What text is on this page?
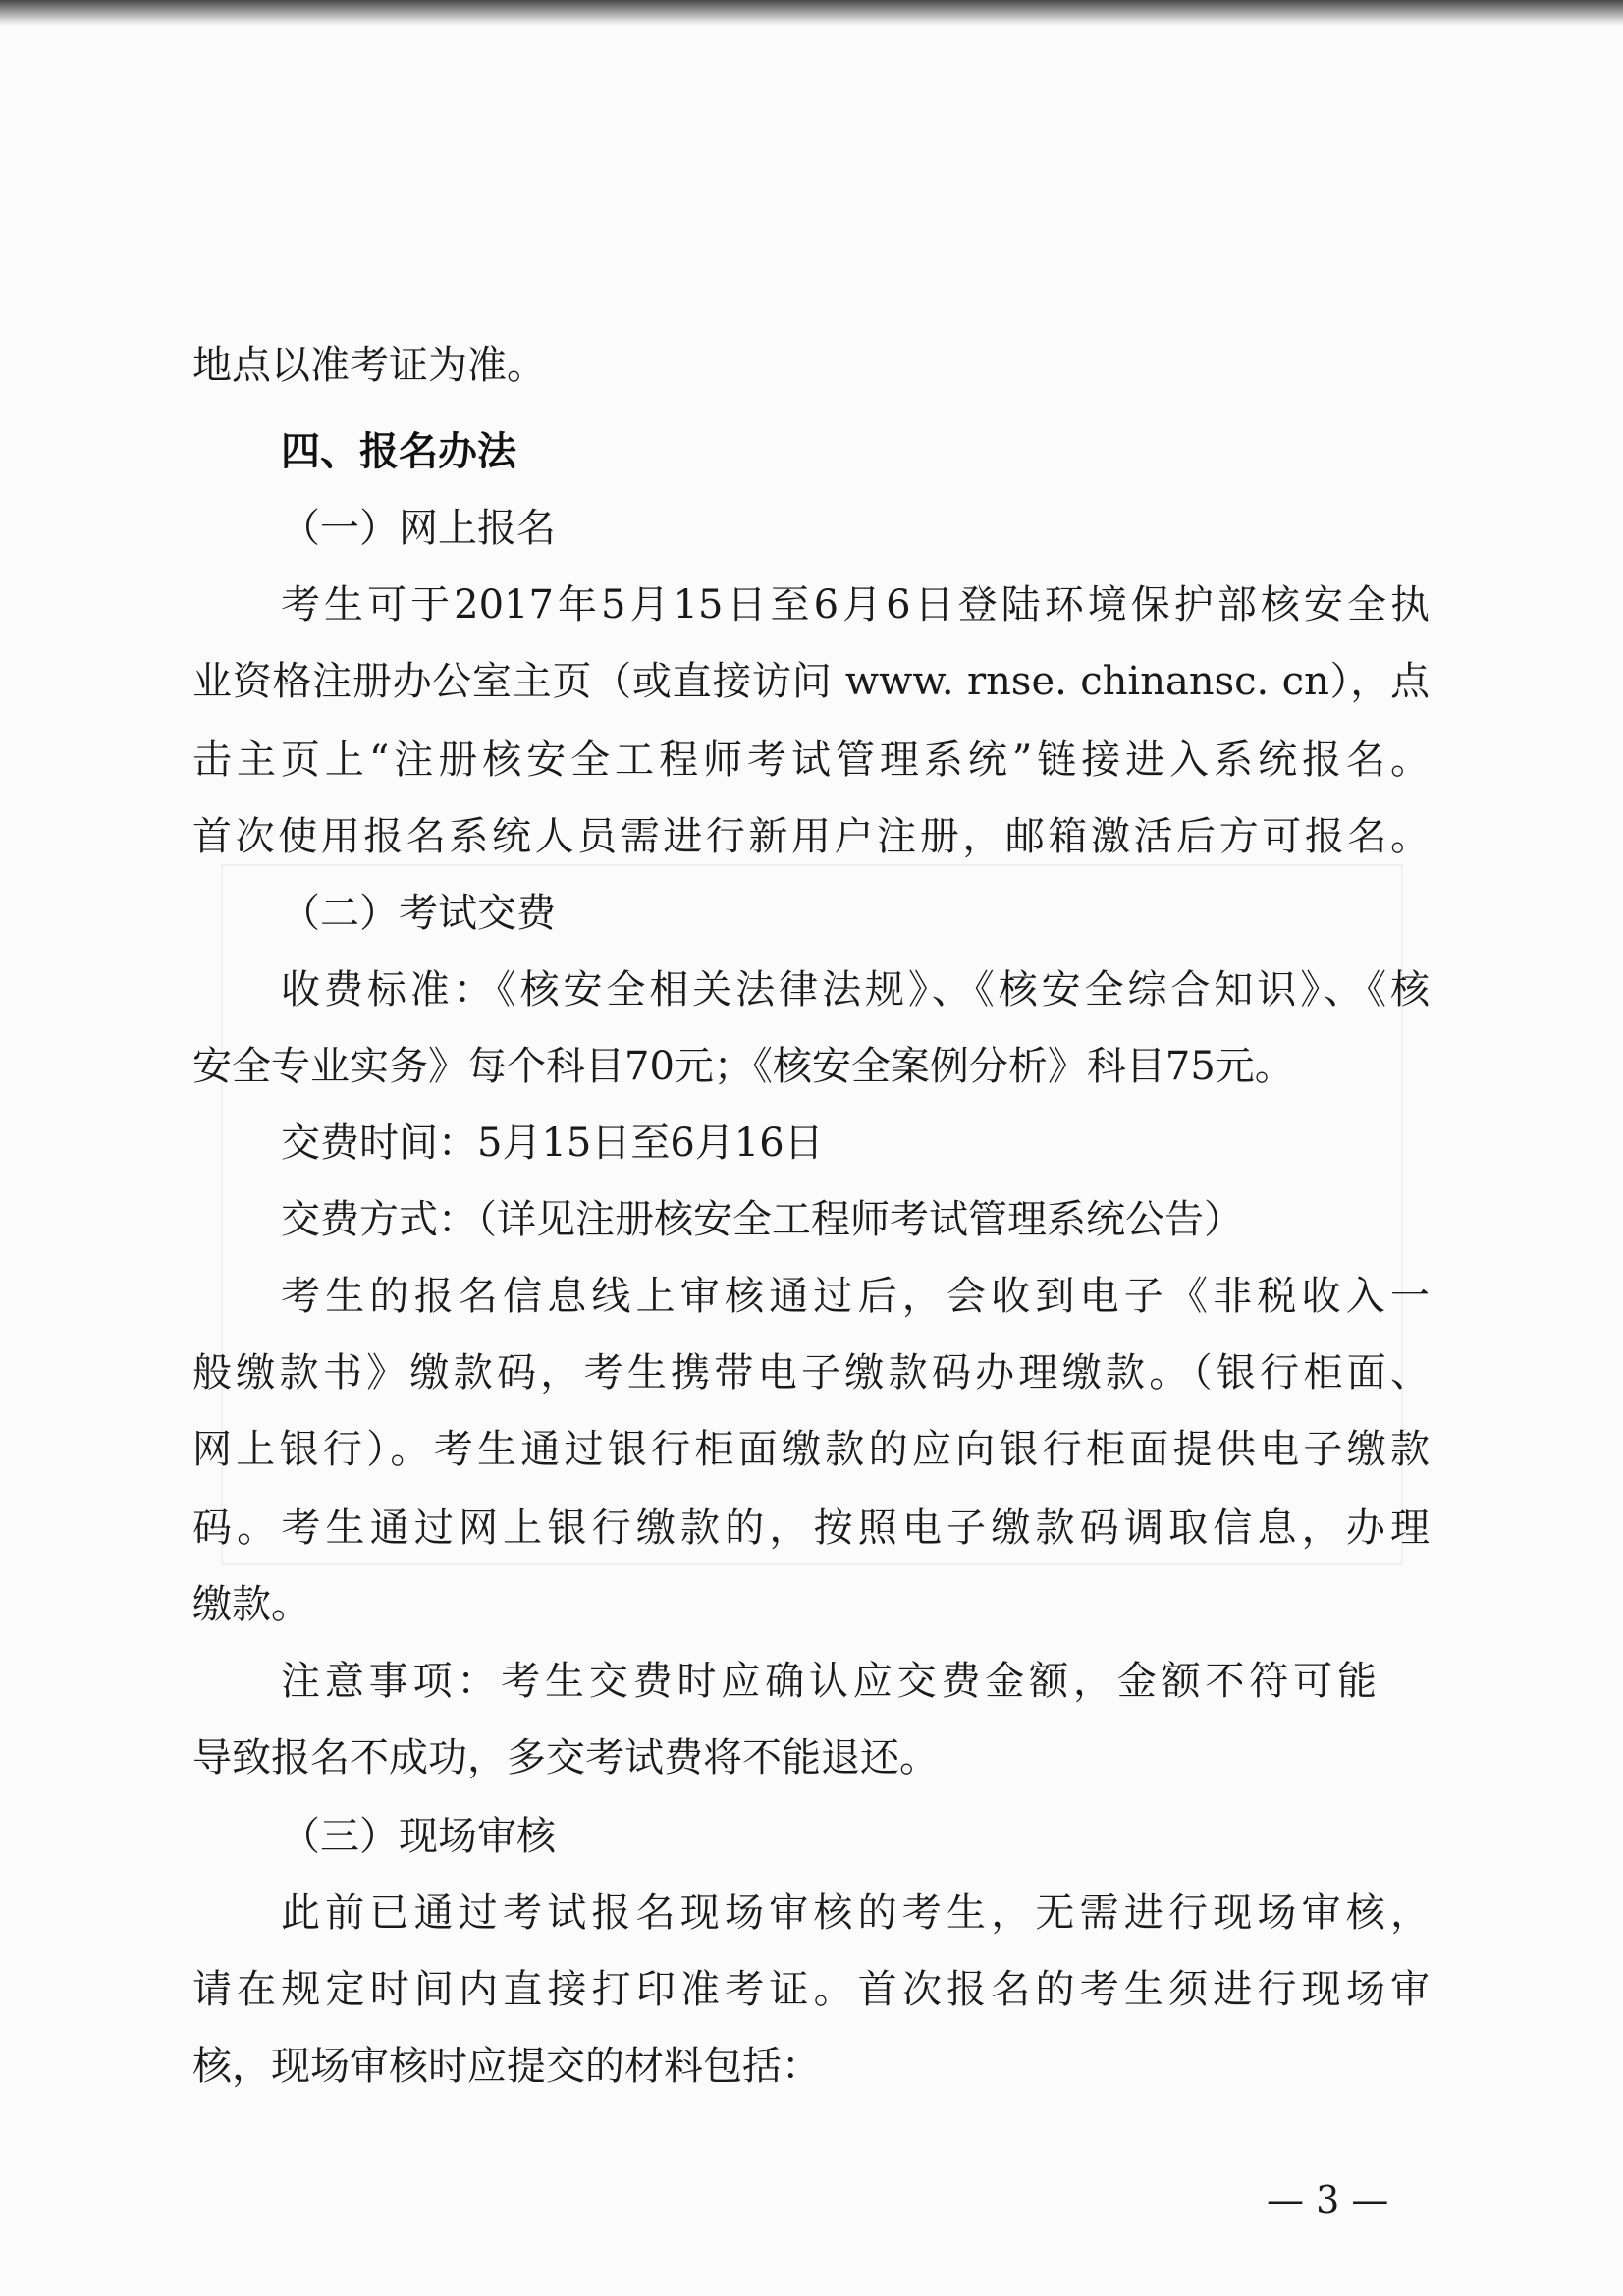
地点以准考证为准。
四、报名办法
（一）网上报名
考生可于2017年5月15日至6月6日登陆环境保护部核安全执
业资格注册办公室主页（或直接访问 www. rnse. chinansc. cn），点
击主页上“注册核安全工程师考试管理系统”链接进入系统报名。
首次使用报名系统人员需进行新用户注册，邮箱激活后方可报名。
（二）考试交费
收费标准：《核安全相关法律法规》、《核安全综合知识》、《核
安全专业实务》每个科目70元；《核安全案例分析》科目75元。
交费时间：5月15日至6月16日
交费方式：（详见注册核安全工程师考试管理系统公告）
考生的报名信息线上审核通过后，会收到电子《非税收入一
般缴款书》缴款码，考生携带电子缴款码办理缴款。（银行柜面、
网上银行）。考生通过银行柜面缴款的应向银行柜面提供电子缴款
码。考生通过网上银行缴款的，按照电子缴款码调取信息，办理
缴款。
注意事项：考生交费时应确认应交费金额，金额不符可能
导致报名不成功，多交考试费将不能退还。
（三）现场审核
此前已通过考试报名现场审核的考生，无需进行现场审核，
请在规定时间内直接打印准考证。首次报名的考生须进行现场审
核，现场审核时应提交的材料包括：
— 3 —
